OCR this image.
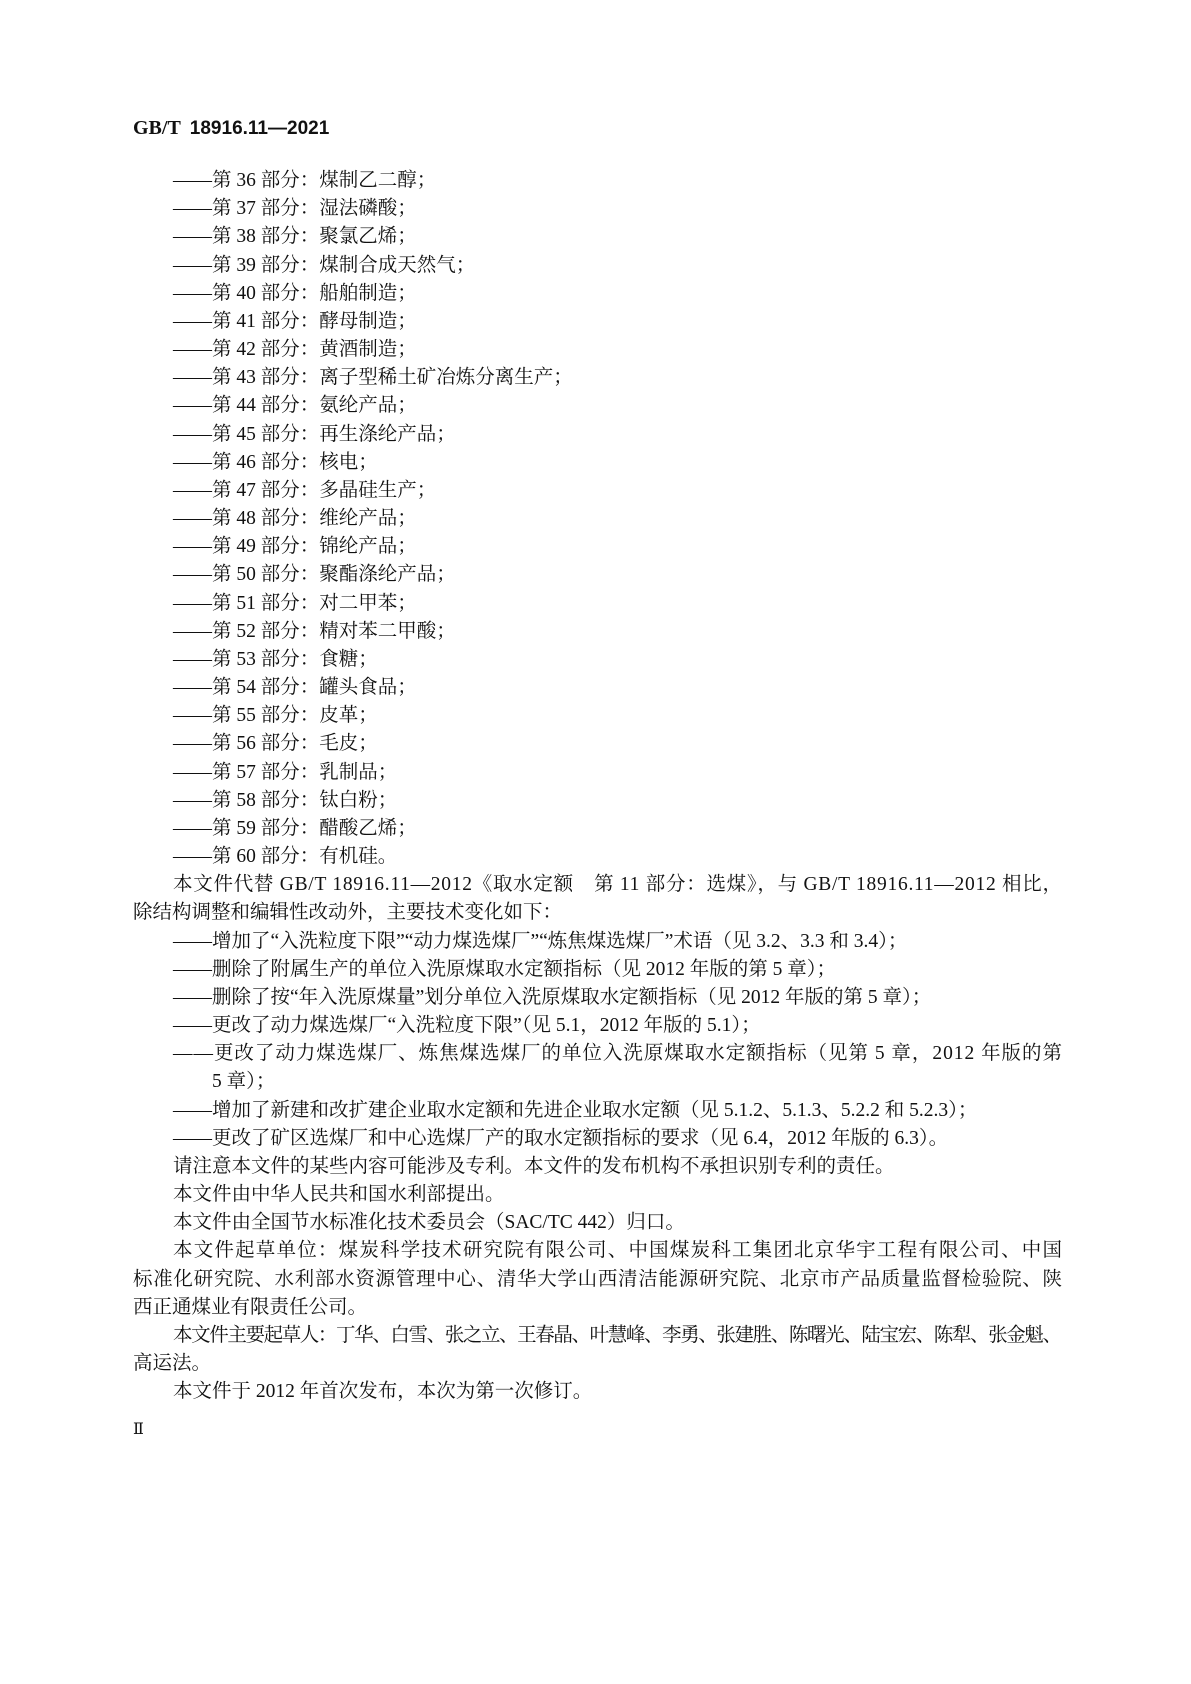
GB/T 18916.11—2021
——第 36 部分：煤制乙二醇；
——第 37 部分：湿法磷酸；
——第 38 部分：聚氯乙烯；
——第 39 部分：煤制合成天然气；
——第 40 部分：船舶制造；
——第 41 部分：酵母制造；
——第 42 部分：黄酒制造；
——第 43 部分：离子型稀土矿冶炼分离生产；
——第 44 部分：氨纶产品；
——第 45 部分：再生涤纶产品；
——第 46 部分：核电；
——第 47 部分：多晶硅生产；
——第 48 部分：维纶产品；
——第 49 部分：锦纶产品；
——第 50 部分：聚酯涤纶产品；
——第 51 部分：对二甲苯；
——第 52 部分：精对苯二甲酸；
——第 53 部分：食糖；
——第 54 部分：罐头食品；
——第 55 部分：皮革；
——第 56 部分：毛皮；
——第 57 部分：乳制品；
——第 58 部分：钛白粉；
——第 59 部分：醋酸乙烯；
——第 60 部分：有机硅。
本文件代替 GB/T 18916.11—2012《取水定额　第 11 部分：选煤》，与 GB/T 18916.11—2012 相比，
除结构调整和编辑性改动外，主要技术变化如下：
——增加了“入洗粒度下限”“动力煤选煤厂”“炼焦煤选煤厂”术语（见 3.2、3.3 和 3.4）；
——删除了附属生产的单位入洗原煤取水定额指标（见 2012 年版的第 5 章）；
——删除了按“年入洗原煤量”划分单位入洗原煤取水定额指标（见 2012 年版的第 5 章）；
——更改了动力煤选煤厂“入洗粒度下限”（见 5.1，2012 年版的 5.1）；
——更改了动力煤选煤厂、炼焦煤选煤厂的单位入洗原煤取水定额指标（见第 5 章，2012 年版的第
5 章）；
——增加了新建和改扩建企业取水定额和先进企业取水定额（见 5.1.2、5.1.3、5.2.2 和 5.2.3）；
——更改了矿区选煤厂和中心选煤厂产的取水定额指标的要求（见 6.4，2012 年版的 6.3）。
请注意本文件的某些内容可能涉及专利。本文件的发布机构不承担识别专利的责任。
本文件由中华人民共和国水利部提出。
本文件由全国节水标准化技术委员会（SAC/TC 442）归口。
本文件起草单位：煤炭科学技术研究院有限公司、中国煤炭科工集团北京华宇工程有限公司、中国
标准化研究院、水利部水资源管理中心、清华大学山西清洁能源研究院、北京市产品质量监督检验院、陕
西正通煤业有限责任公司。
本文件主要起草人：丁华、白雪、张之立、王春晶、叶慧峰、李勇、张建胜、陈曙光、陆宝宏、陈犁、张金魁、
高运法。
本文件于 2012 年首次发布，本次为第一次修订。
Ⅱ
